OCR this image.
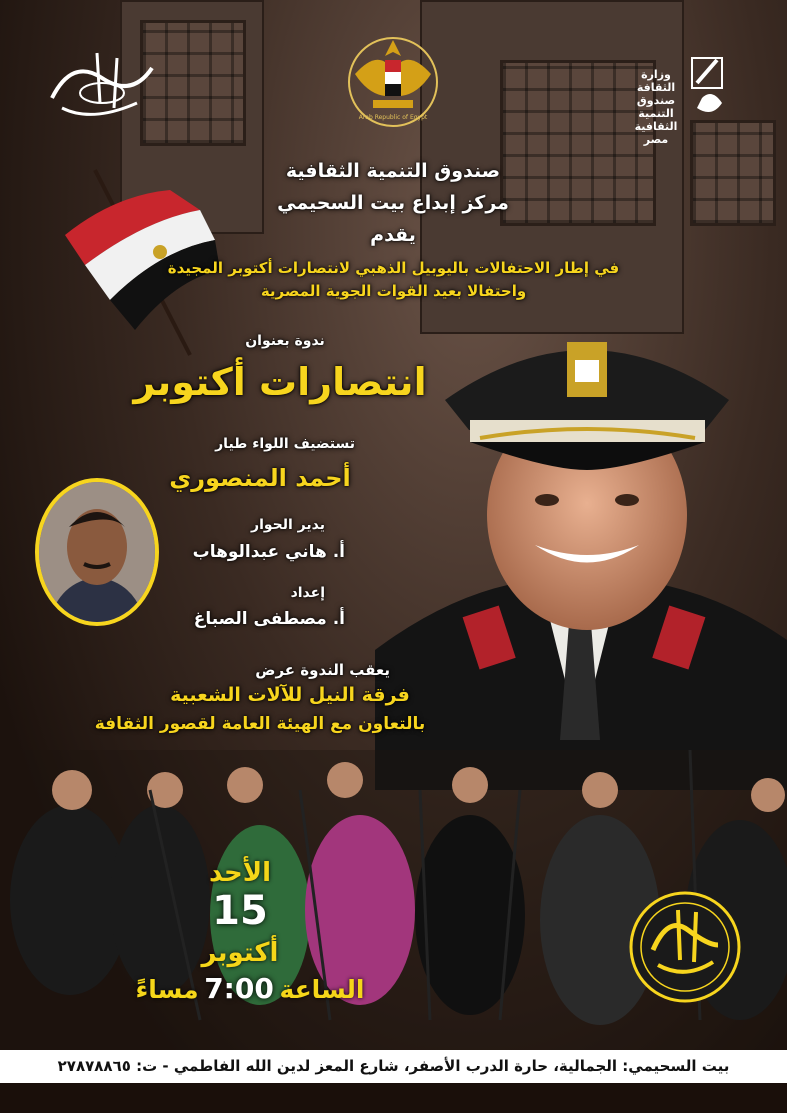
Arab Republic of Egypt
وزارة الثقافة صندوق التنمية الثقافية مصر
صندوق التنمية الثقافية
مركز إبداع بيت السحيمي
يقدم
في إطار الاحتفالات باليوبيل الذهبي لانتصارات أكتوبر المجيدة
واحتفالا بعيد القوات الجوية المصرية
ندوة بعنوان
انتصارات أكتوبر
تستضيف اللواء طيار
أحمد المنصوري
يدير الحوار
أ. هاني عبدالوهاب
إعداد
أ. مصطفى الصباغ
يعقب الندوة عرض
فرقة النيل للآلات الشعبية
بالتعاون مع الهيئة العامة لقصور الثقافة
الأحد
15
أكتوبر
الساعة 7:00 مساءً
بيت السحيمي: الجمالية، حارة الدرب الأصفر، شارع المعز لدين الله الفاطمي - ت: ٢٧٨٧٨٨٦٥
